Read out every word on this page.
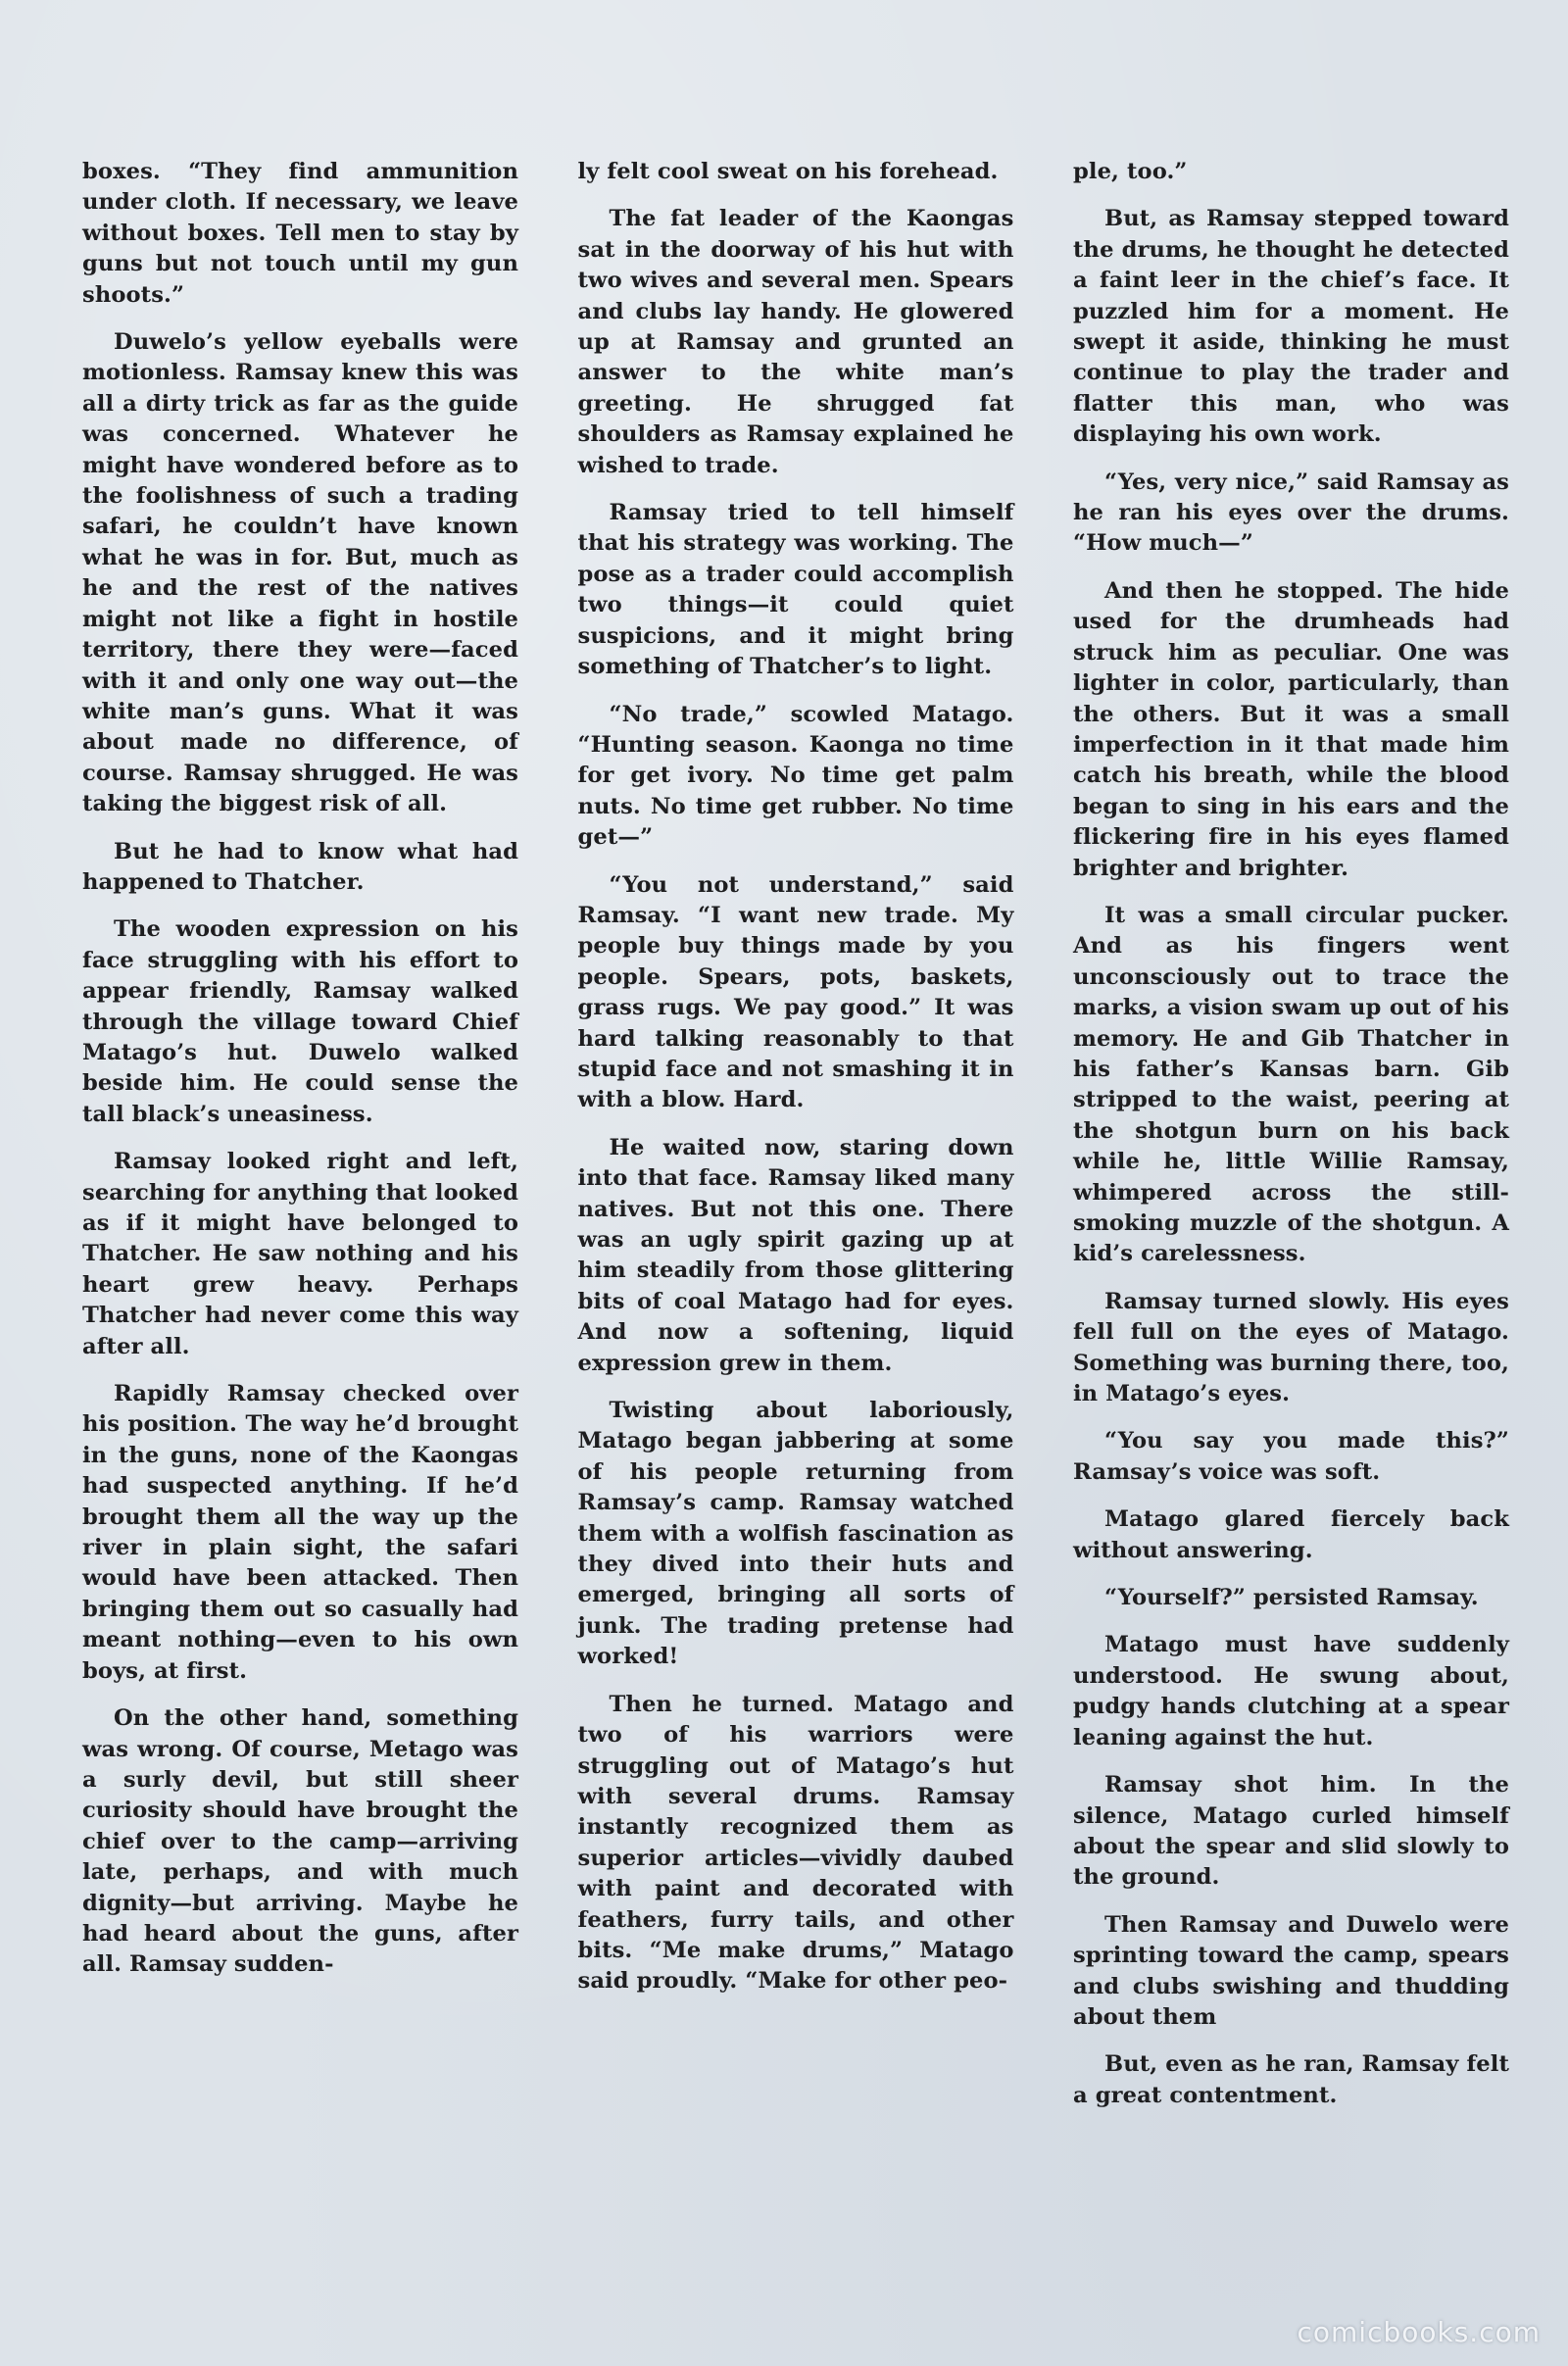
boxes. “They find ammunition under cloth. If necessary, we leave without boxes. Tell men to stay by guns but not touch until my gun shoots.”

Duwelo’s yellow eyeballs were motionless. Ramsay knew this was all a dirty trick as far as the guide was concerned. Whatever he might have wondered before as to the foolishness of such a trading safari, he couldn’t have known what he was in for. But, much as he and the rest of the natives might not like a fight in hostile territory, there they were—faced with it and only one way out—the white man’s guns. What it was about made no difference, of course. Ramsay shrugged. He was taking the biggest risk of all.

But he had to know what had happened to Thatcher.

The wooden expression on his face struggling with his effort to appear friendly, Ramsay walked through the village toward Chief Matago’s hut. Duwelo walked beside him. He could sense the tall black’s uneasiness.

Ramsay looked right and left, searching for anything that looked as if it might have belonged to Thatcher. He saw nothing and his heart grew heavy. Perhaps Thatcher had never come this way after all.

Rapidly Ramsay checked over his position. The way he’d brought in the guns, none of the Kaongas had suspected anything. If he’d brought them all the way up the river in plain sight, the safari would have been attacked. Then bringing them out so casually had meant nothing—even to his own boys, at first.

On the other hand, something was wrong. Of course, Metago was a surly devil, but still sheer curiosity should have brought the chief over to the camp—arriving late, perhaps, and with much dignity—but arriving. Maybe he had heard about the guns, after all. Ramsay sudden-

ly felt cool sweat on his forehead.

The fat leader of the Kaongas sat in the doorway of his hut with two wives and several men. Spears and clubs lay handy. He glowered up at Ramsay and grunted an answer to the white man’s greeting. He shrugged fat shoulders as Ramsay explained he wished to trade.

Ramsay tried to tell himself that his strategy was working. The pose as a trader could accomplish two things—it could quiet suspicions, and it might bring something of Thatcher’s to light.

“No trade,” scowled Matago. “Hunting season. Kaonga no time for get ivory. No time get palm nuts. No time get rubber. No time get—”

“You not understand,” said Ramsay. “I want new trade. My people buy things made by you people. Spears, pots, baskets, grass rugs. We pay good.” It was hard talking reasonably to that stupid face and not smashing it in with a blow. Hard.

He waited now, staring down into that face. Ramsay liked many natives. But not this one. There was an ugly spirit gazing up at him steadily from those glittering bits of coal Matago had for eyes. And now a softening, liquid expression grew in them.

Twisting about laboriously, Matago began jabbering at some of his people returning from Ramsay’s camp. Ramsay watched them with a wolfish fascination as they dived into their huts and emerged, bringing all sorts of junk. The trading pretense had worked!

Then he turned. Matago and two of his warriors were struggling out of Matago’s hut with several drums. Ramsay instantly recognized them as superior articles—vividly daubed with paint and decorated with feathers, furry tails, and other bits. “Me make drums,” Matago said proudly. “Make for other peo-

ple, too.”

But, as Ramsay stepped toward the drums, he thought he detected a faint leer in the chief’s face. It puzzled him for a moment. He swept it aside, thinking he must continue to play the trader and flatter this man, who was displaying his own work.

“Yes, very nice,” said Ramsay as he ran his eyes over the drums. “How much—”

And then he stopped. The hide used for the drumheads had struck him as peculiar. One was lighter in color, particularly, than the others. But it was a small imperfection in it that made him catch his breath, while the blood began to sing in his ears and the flickering fire in his eyes flamed brighter and brighter.

It was a small circular pucker. And as his fingers went unconsciously out to trace the marks, a vision swam up out of his memory. He and Gib Thatcher in his father’s Kansas barn. Gib stripped to the waist, peering at the shotgun burn on his back while he, little Willie Ramsay, whimpered across the still-smoking muzzle of the shotgun. A kid’s carelessness.

Ramsay turned slowly. His eyes fell full on the eyes of Matago. Something was burning there, too, in Matago’s eyes.

“You say you made this?” Ramsay’s voice was soft.

Matago glared fiercely back without answering.

“Yourself?” persisted Ramsay.

Matago must have suddenly understood. He swung about, pudgy hands clutching at a spear leaning against the hut.

Ramsay shot him. In the silence, Matago curled himself about the spear and slid slowly to the ground.

Then Ramsay and Duwelo were sprinting toward the camp, spears and clubs swishing and thudding about them

But, even as he ran, Ramsay felt a great contentment.

comicbooks.com
